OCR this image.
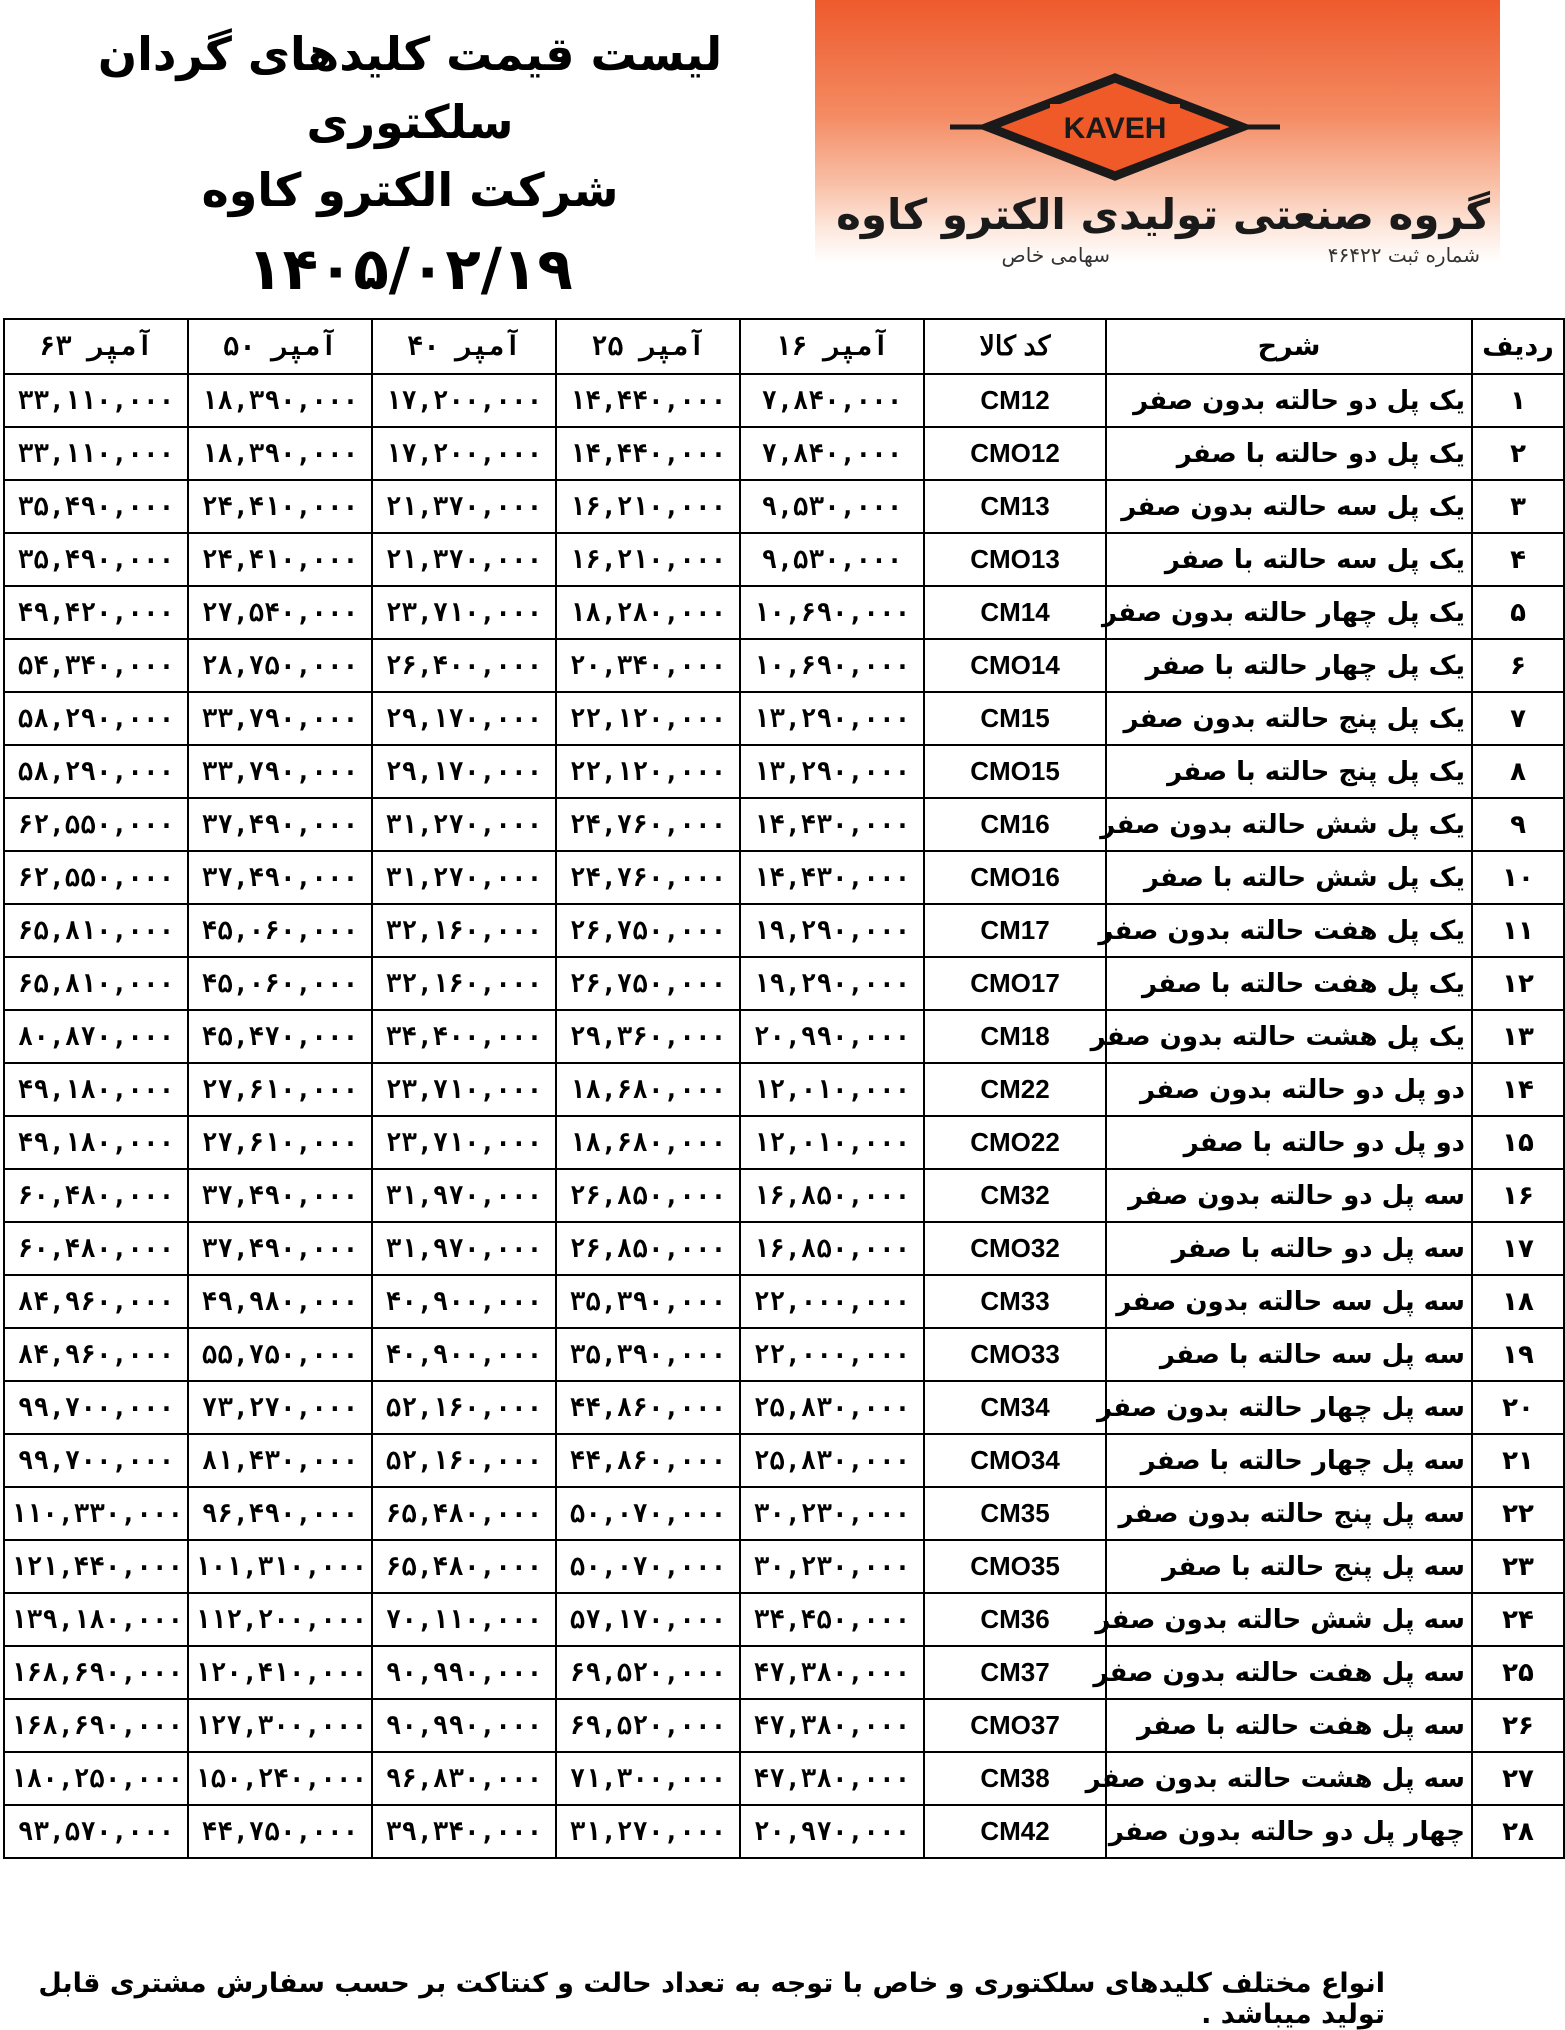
لیست قیمت کلیدهای گردان سلکتوری
شرکت الکترو کاوه
۱۴۰۵/۰۲/۱۹
KAVEH
گروه صنعتی تولیدی الکترو کاوه
شماره ثبت ۴۶۴۲۲
سهامی خاص
ردیف	شرح	کد کالا	۱۶ آمپر	۲۵ آمپر	۴۰ آمپر	۵۰ آمپر	۶۳ آمپر
۱	یک پل دو حالته بدون صفر	CM12	۷,۸۴۰,۰۰۰	۱۴,۴۴۰,۰۰۰	۱۷,۲۰۰,۰۰۰	۱۸,۳۹۰,۰۰۰	۳۳,۱۱۰,۰۰۰
۲	یک پل دو حالته با صفر	CMO12	۷,۸۴۰,۰۰۰	۱۴,۴۴۰,۰۰۰	۱۷,۲۰۰,۰۰۰	۱۸,۳۹۰,۰۰۰	۳۳,۱۱۰,۰۰۰
۳	یک پل سه حالته بدون صفر	CM13	۹,۵۳۰,۰۰۰	۱۶,۲۱۰,۰۰۰	۲۱,۳۷۰,۰۰۰	۲۴,۴۱۰,۰۰۰	۳۵,۴۹۰,۰۰۰
۴	یک پل سه حالته با صفر	CMO13	۹,۵۳۰,۰۰۰	۱۶,۲۱۰,۰۰۰	۲۱,۳۷۰,۰۰۰	۲۴,۴۱۰,۰۰۰	۳۵,۴۹۰,۰۰۰
۵	یک پل چهار حالته بدون صفر	CM14	۱۰,۶۹۰,۰۰۰	۱۸,۲۸۰,۰۰۰	۲۳,۷۱۰,۰۰۰	۲۷,۵۴۰,۰۰۰	۴۹,۴۲۰,۰۰۰
۶	یک پل چهار حالته با صفر	CMO14	۱۰,۶۹۰,۰۰۰	۲۰,۳۴۰,۰۰۰	۲۶,۴۰۰,۰۰۰	۲۸,۷۵۰,۰۰۰	۵۴,۳۴۰,۰۰۰
۷	یک پل پنج حالته بدون صفر	CM15	۱۳,۲۹۰,۰۰۰	۲۲,۱۲۰,۰۰۰	۲۹,۱۷۰,۰۰۰	۳۳,۷۹۰,۰۰۰	۵۸,۲۹۰,۰۰۰
۸	یک پل پنج حالته با صفر	CMO15	۱۳,۲۹۰,۰۰۰	۲۲,۱۲۰,۰۰۰	۲۹,۱۷۰,۰۰۰	۳۳,۷۹۰,۰۰۰	۵۸,۲۹۰,۰۰۰
۹	یک پل شش حالته بدون صفر	CM16	۱۴,۴۳۰,۰۰۰	۲۴,۷۶۰,۰۰۰	۳۱,۲۷۰,۰۰۰	۳۷,۴۹۰,۰۰۰	۶۲,۵۵۰,۰۰۰
۱۰	یک پل شش حالته با صفر	CMO16	۱۴,۴۳۰,۰۰۰	۲۴,۷۶۰,۰۰۰	۳۱,۲۷۰,۰۰۰	۳۷,۴۹۰,۰۰۰	۶۲,۵۵۰,۰۰۰
۱۱	یک پل هفت حالته بدون صفر	CM17	۱۹,۲۹۰,۰۰۰	۲۶,۷۵۰,۰۰۰	۳۲,۱۶۰,۰۰۰	۴۵,۰۶۰,۰۰۰	۶۵,۸۱۰,۰۰۰
۱۲	یک پل هفت حالته با صفر	CMO17	۱۹,۲۹۰,۰۰۰	۲۶,۷۵۰,۰۰۰	۳۲,۱۶۰,۰۰۰	۴۵,۰۶۰,۰۰۰	۶۵,۸۱۰,۰۰۰
۱۳	یک پل هشت حالته بدون صفر	CM18	۲۰,۹۹۰,۰۰۰	۲۹,۳۶۰,۰۰۰	۳۴,۴۰۰,۰۰۰	۴۵,۴۷۰,۰۰۰	۸۰,۸۷۰,۰۰۰
۱۴	دو پل دو حالته بدون صفر	CM22	۱۲,۰۱۰,۰۰۰	۱۸,۶۸۰,۰۰۰	۲۳,۷۱۰,۰۰۰	۲۷,۶۱۰,۰۰۰	۴۹,۱۸۰,۰۰۰
۱۵	دو پل دو حالته با صفر	CMO22	۱۲,۰۱۰,۰۰۰	۱۸,۶۸۰,۰۰۰	۲۳,۷۱۰,۰۰۰	۲۷,۶۱۰,۰۰۰	۴۹,۱۸۰,۰۰۰
۱۶	سه پل دو حالته بدون صفر	CM32	۱۶,۸۵۰,۰۰۰	۲۶,۸۵۰,۰۰۰	۳۱,۹۷۰,۰۰۰	۳۷,۴۹۰,۰۰۰	۶۰,۴۸۰,۰۰۰
۱۷	سه پل دو حالته با صفر	CMO32	۱۶,۸۵۰,۰۰۰	۲۶,۸۵۰,۰۰۰	۳۱,۹۷۰,۰۰۰	۳۷,۴۹۰,۰۰۰	۶۰,۴۸۰,۰۰۰
۱۸	سه پل سه حالته بدون صفر	CM33	۲۲,۰۰۰,۰۰۰	۳۵,۳۹۰,۰۰۰	۴۰,۹۰۰,۰۰۰	۴۹,۹۸۰,۰۰۰	۸۴,۹۶۰,۰۰۰
۱۹	سه پل سه حالته با صفر	CMO33	۲۲,۰۰۰,۰۰۰	۳۵,۳۹۰,۰۰۰	۴۰,۹۰۰,۰۰۰	۵۵,۷۵۰,۰۰۰	۸۴,۹۶۰,۰۰۰
۲۰	سه پل چهار حالته بدون صفر	CM34	۲۵,۸۳۰,۰۰۰	۴۴,۸۶۰,۰۰۰	۵۲,۱۶۰,۰۰۰	۷۳,۲۷۰,۰۰۰	۹۹,۷۰۰,۰۰۰
۲۱	سه پل چهار حالته با صفر	CMO34	۲۵,۸۳۰,۰۰۰	۴۴,۸۶۰,۰۰۰	۵۲,۱۶۰,۰۰۰	۸۱,۴۳۰,۰۰۰	۹۹,۷۰۰,۰۰۰
۲۲	سه پل پنج حالته بدون صفر	CM35	۳۰,۲۳۰,۰۰۰	۵۰,۰۷۰,۰۰۰	۶۵,۴۸۰,۰۰۰	۹۶,۴۹۰,۰۰۰	۱۱۰,۳۳۰,۰۰۰
۲۳	سه پل پنج حالته با صفر	CMO35	۳۰,۲۳۰,۰۰۰	۵۰,۰۷۰,۰۰۰	۶۵,۴۸۰,۰۰۰	۱۰۱,۳۱۰,۰۰۰	۱۲۱,۴۴۰,۰۰۰
۲۴	سه پل شش حالته بدون صفر	CM36	۳۴,۴۵۰,۰۰۰	۵۷,۱۷۰,۰۰۰	۷۰,۱۱۰,۰۰۰	۱۱۲,۲۰۰,۰۰۰	۱۳۹,۱۸۰,۰۰۰
۲۵	سه پل هفت حالته بدون صفر	CM37	۴۷,۳۸۰,۰۰۰	۶۹,۵۲۰,۰۰۰	۹۰,۹۹۰,۰۰۰	۱۲۰,۴۱۰,۰۰۰	۱۶۸,۶۹۰,۰۰۰
۲۶	سه پل هفت حالته با صفر	CMO37	۴۷,۳۸۰,۰۰۰	۶۹,۵۲۰,۰۰۰	۹۰,۹۹۰,۰۰۰	۱۲۷,۳۰۰,۰۰۰	۱۶۸,۶۹۰,۰۰۰
۲۷	سه پل هشت حالته بدون صفر	CM38	۴۷,۳۸۰,۰۰۰	۷۱,۳۰۰,۰۰۰	۹۶,۸۳۰,۰۰۰	۱۵۰,۲۴۰,۰۰۰	۱۸۰,۲۵۰,۰۰۰
۲۸	چهار پل دو حالته بدون صفر	CM42	۲۰,۹۷۰,۰۰۰	۳۱,۲۷۰,۰۰۰	۳۹,۳۴۰,۰۰۰	۴۴,۷۵۰,۰۰۰	۹۳,۵۷۰,۰۰۰
انواع مختلف کلیدهای سلکتوری و خاص با توجه به تعداد حالت و کنتاکت بر حسب سفارش مشتری قابل تولید میباشد .
